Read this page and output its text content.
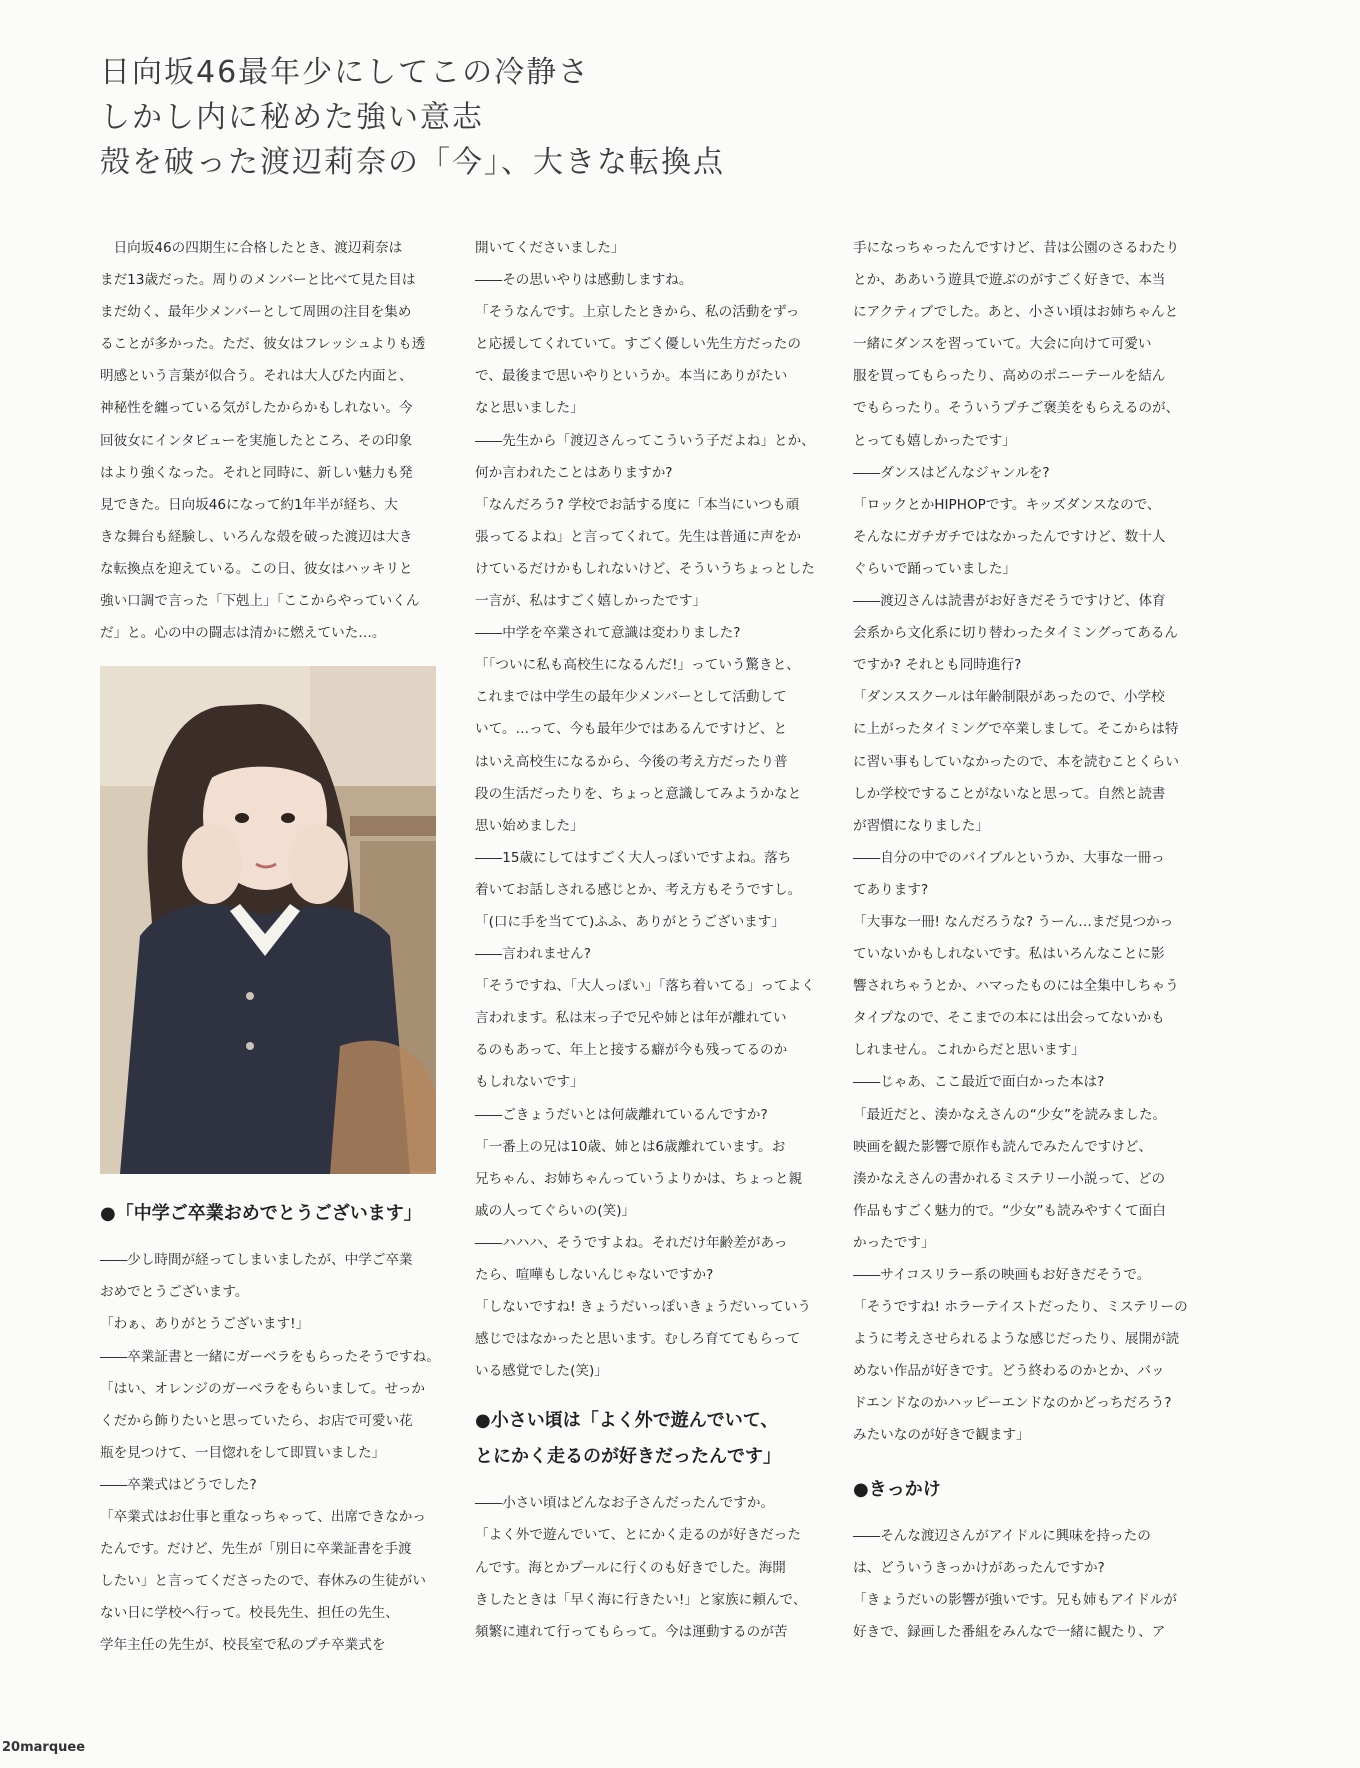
日向坂46最年少にしてこの冷静さ
しかし内に秘めた強い意志
殻を破った渡辺莉奈の「今」、大きな転換点
　日向坂46の四期生に合格したとき、渡辺莉奈は
まだ13歳だった。周りのメンバーと比べて見た目は
まだ幼く、最年少メンバーとして周囲の注目を集め
ることが多かった。ただ、彼女はフレッシュよりも透
明感という言葉が似合う。それは大人びた内面と、
神秘性を纏っている気がしたからかもしれない。今
回彼女にインタビューを実施したところ、その印象
はより強くなった。それと同時に、新しい魅力も発
見できた。日向坂46になって約1年半が経ち、大
きな舞台も経験し、いろんな殻を破った渡辺は大き
な転換点を迎えている。この日、彼女はハッキリと
強い口調で言った「下剋上」「ここからやっていくん
だ」と。心の中の闘志は清かに燃えていた…。
●「中学ご卒業おめでとうございます」
――少し時間が経ってしまいましたが、中学ご卒業
おめでとうございます。
「わぁ、ありがとうございます!」
――卒業証書と一緒にガーベラをもらったそうですね。
「はい、オレンジのガーベラをもらいまして。せっか
くだから飾りたいと思っていたら、お店で可愛い花
瓶を見つけて、一目惚れをして即買いました」
――卒業式はどうでした?
「卒業式はお仕事と重なっちゃって、出席できなかっ
たんです。だけど、先生が「別日に卒業証書を手渡
したい」と言ってくださったので、春休みの生徒がい
ない日に学校へ行って。校長先生、担任の先生、
学年主任の先生が、校長室で私のプチ卒業式を
開いてくださいました」
――その思いやりは感動しますね。
「そうなんです。上京したときから、私の活動をずっ
と応援してくれていて。すごく優しい先生方だったの
で、最後まで思いやりというか。本当にありがたい
なと思いました」
――先生から「渡辺さんってこういう子だよね」とか、
何か言われたことはありますか?
「なんだろう? 学校でお話する度に「本当にいつも頑
張ってるよね」と言ってくれて。先生は普通に声をか
けているだけかもしれないけど、そういうちょっとした
一言が、私はすごく嬉しかったです」
――中学を卒業されて意識は変わりました?
「「ついに私も高校生になるんだ!」っていう驚きと、
これまでは中学生の最年少メンバーとして活動して
いて。…って、今も最年少ではあるんですけど、と
はいえ高校生になるから、今後の考え方だったり普
段の生活だったりを、ちょっと意識してみようかなと
思い始めました」
――15歳にしてはすごく大人っぽいですよね。落ち
着いてお話しされる感じとか、考え方もそうですし。
「(口に手を当てて)ふふ、ありがとうございます」
――言われません?
「そうですね、「大人っぽい」「落ち着いてる」ってよく
言われます。私は末っ子で兄や姉とは年が離れてい
るのもあって、年上と接する癖が今も残ってるのか
もしれないです」
――ごきょうだいとは何歳離れているんですか?
「一番上の兄は10歳、姉とは6歳離れています。お
兄ちゃん、お姉ちゃんっていうよりかは、ちょっと親
戚の人ってぐらいの(笑)」
――ハハハ、そうですよね。それだけ年齢差があっ
たら、喧嘩もしないんじゃないですか?
「しないですね! きょうだいっぽいきょうだいっていう
感じではなかったと思います。むしろ育ててもらって
いる感覚でした(笑)」
●小さい頃は「よく外で遊んでいて、
とにかく走るのが好きだったんです」
――小さい頃はどんなお子さんだったんですか。
「よく外で遊んでいて、とにかく走るのが好きだった
んです。海とかプールに行くのも好きでした。海開
きしたときは「早く海に行きたい!」と家族に頼んで、
頻繁に連れて行ってもらって。今は運動するのが苦
手になっちゃったんですけど、昔は公園のさるわたり
とか、ああいう遊具で遊ぶのがすごく好きで、本当
にアクティブでした。あと、小さい頃はお姉ちゃんと
一緒にダンスを習っていて。大会に向けて可愛い
服を買ってもらったり、高めのポニーテールを結ん
でもらったり。そういうプチご褒美をもらえるのが、
とっても嬉しかったです」
――ダンスはどんなジャンルを?
「ロックとかHIPHOPです。キッズダンスなので、
そんなにガチガチではなかったんですけど、数十人
ぐらいで踊っていました」
――渡辺さんは読書がお好きだそうですけど、体育
会系から文化系に切り替わったタイミングってあるん
ですか? それとも同時進行?
「ダンススクールは年齢制限があったので、小学校
に上がったタイミングで卒業しまして。そこからは特
に習い事もしていなかったので、本を読むことくらい
しか学校ですることがないなと思って。自然と読書
が習慣になりました」
――自分の中でのバイブルというか、大事な一冊っ
てあります?
「大事な一冊! なんだろうな? うーん…まだ見つかっ
ていないかもしれないです。私はいろんなことに影
響されちゃうとか、ハマったものには全集中しちゃう
タイプなので、そこまでの本には出会ってないかも
しれません。これからだと思います」
――じゃあ、ここ最近で面白かった本は?
「最近だと、湊かなえさんの“少女”を読みました。
映画を観た影響で原作も読んでみたんですけど、
湊かなえさんの書かれるミステリー小説って、どの
作品もすごく魅力的で。“少女”も読みやすくて面白
かったです」
――サイコスリラー系の映画もお好きだそうで。
「そうですね! ホラーテイストだったり、ミステリーの
ように考えさせられるような感じだったり、展開が読
めない作品が好きです。どう終わるのかとか、バッ
ドエンドなのかハッピーエンドなのかどっちだろう?
みたいなのが好きで観ます」
●きっかけ
――そんな渡辺さんがアイドルに興味を持ったの
は、どういうきっかけがあったんですか?
「きょうだいの影響が強いです。兄も姉もアイドルが
好きで、録画した番組をみんなで一緒に観たり、ア
20marquee
